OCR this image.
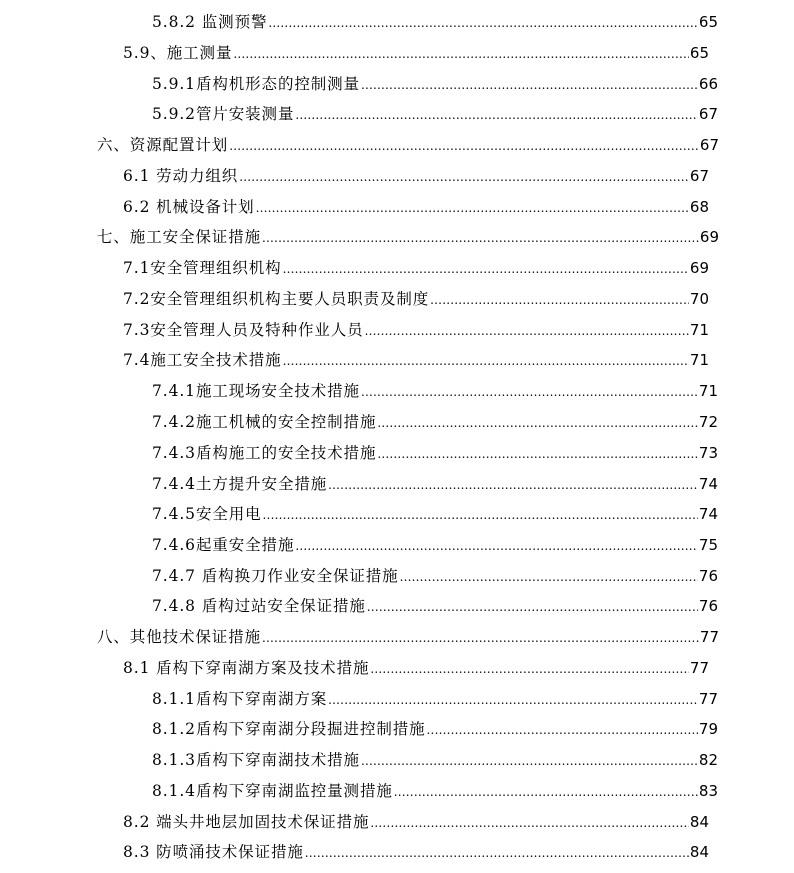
5.8.2 监测预警 .....	65
5.9、施工测量 .....	65
5.9.1盾构机形态的控制测量 .....	66
5.9.2管片安装测量 .....	67
六、资源配置计划 .....	67
6.1 劳动力组织 .....	67
6.2 机械设备计划 .....	68
七、施工安全保证措施 .....	69
7.1安全管理组织机构 .....	69
7.2安全管理组织机构主要人员职责及制度 .....	70
7.3安全管理人员及特种作业人员 .....	71
7.4施工安全技术措施 .....	71
7.4.1施工现场安全技术措施 .....	71
7.4.2施工机械的安全控制措施 .....	72
7.4.3盾构施工的安全技术措施 .....	73
7.4.4土方提升安全措施 .....	74
7.4.5安全用电 .....	74
7.4.6起重安全措施 .....	75
7.4.7 盾构换刀作业安全保证措施 .....	76
7.4.8 盾构过站安全保证措施 .....	76
八、其他技术保证措施 .....	77
8.1 盾构下穿南湖方案及技术措施 .....	77
8.1.1盾构下穿南湖方案 .....	77
8.1.2盾构下穿南湖分段掘进控制措施 .....	79
8.1.3盾构下穿南湖技术措施 .....	82
8.1.4盾构下穿南湖监控量测措施 .....	83
8.2 端头井地层加固技术保证措施 .....	84
8.3 防喷涌技术保证措施 .....	84
